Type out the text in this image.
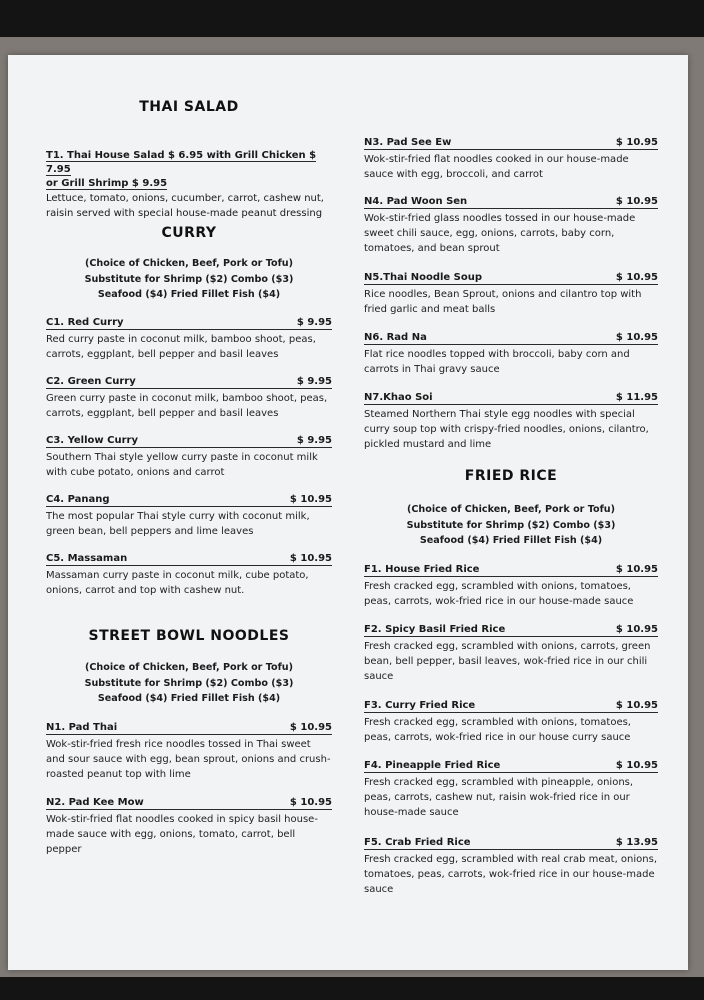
THAI SALAD
T1. Thai House Salad $ 6.95 with Grill Chicken $ 7.95
or Grill Shrimp $ 9.95
Lettuce, tomato, onions, cucumber, carrot, cashew nut, raisin served with special house-made peanut dressing
CURRY
(Choice of Chicken, Beef, Pork or Tofu)
Substitute for Shrimp ($2) Combo ($3)
Seafood ($4) Fried Fillet Fish ($4)
C1. Red Curry	$ 9.95
Red curry paste in coconut milk, bamboo shoot, peas, carrots, eggplant, bell pepper and basil leaves
C2. Green Curry	$ 9.95
Green curry paste in coconut milk, bamboo shoot, peas, carrots, eggplant, bell pepper and basil leaves
C3. Yellow Curry	$ 9.95
Southern Thai style yellow curry paste in coconut milk with cube potato, onions and carrot
C4. Panang	$ 10.95
The most popular Thai style curry with coconut milk, green bean, bell peppers and lime leaves
C5. Massaman	$ 10.95
Massaman curry paste in coconut milk, cube potato, onions, carrot and top with cashew nut.
STREET BOWL NOODLES
(Choice of Chicken, Beef, Pork or Tofu)
Substitute for Shrimp ($2) Combo ($3)
Seafood ($4) Fried Fillet Fish ($4)
N1. Pad Thai	$ 10.95
Wok-stir-fried fresh rice noodles tossed in Thai sweet and sour sauce with egg, bean sprout, onions and crush-roasted peanut top with lime
N2. Pad Kee Mow	$ 10.95
Wok-stir-fried flat noodles cooked in spicy basil house-made sauce with egg, onions, tomato, carrot, bell pepper
N3. Pad See Ew	$ 10.95
Wok-stir-fried flat noodles cooked in our house-made sauce with egg, broccoli, and carrot
N4. Pad Woon Sen	$ 10.95
Wok-stir-fried glass noodles tossed in our house-made sweet chili sauce, egg, onions, carrots, baby corn, tomatoes, and bean sprout
N5.Thai Noodle Soup	$ 10.95
Rice noodles, Bean Sprout, onions and cilantro top with fried garlic and meat balls
N6. Rad Na	$ 10.95
Flat rice noodles topped with broccoli, baby corn and carrots in Thai gravy sauce
N7.Khao Soi	$ 11.95
Steamed Northern Thai style egg noodles with special curry soup top with crispy-fried noodles, onions, cilantro, pickled mustard and lime
FRIED RICE
(Choice of Chicken, Beef, Pork or Tofu)
Substitute for Shrimp ($2) Combo ($3)
Seafood ($4) Fried Fillet Fish ($4)
F1. House Fried Rice	$ 10.95
Fresh cracked egg, scrambled with onions, tomatoes, peas, carrots, wok-fried rice in our house-made sauce
F2. Spicy Basil Fried Rice	$ 10.95
Fresh cracked egg, scrambled with onions, carrots, green bean, bell pepper, basil leaves, wok-fried rice in our chili sauce
F3. Curry Fried Rice	$ 10.95
Fresh cracked egg, scrambled with onions, tomatoes, peas, carrots, wok-fried rice in our house curry sauce
F4. Pineapple Fried Rice	$ 10.95
Fresh cracked egg, scrambled with pineapple, onions, peas, carrots, cashew nut, raisin wok-fried rice in our house-made sauce
F5. Crab Fried Rice	$ 13.95
Fresh cracked egg, scrambled with real crab meat, onions, tomatoes, peas, carrots, wok-fried rice in our house-made sauce
